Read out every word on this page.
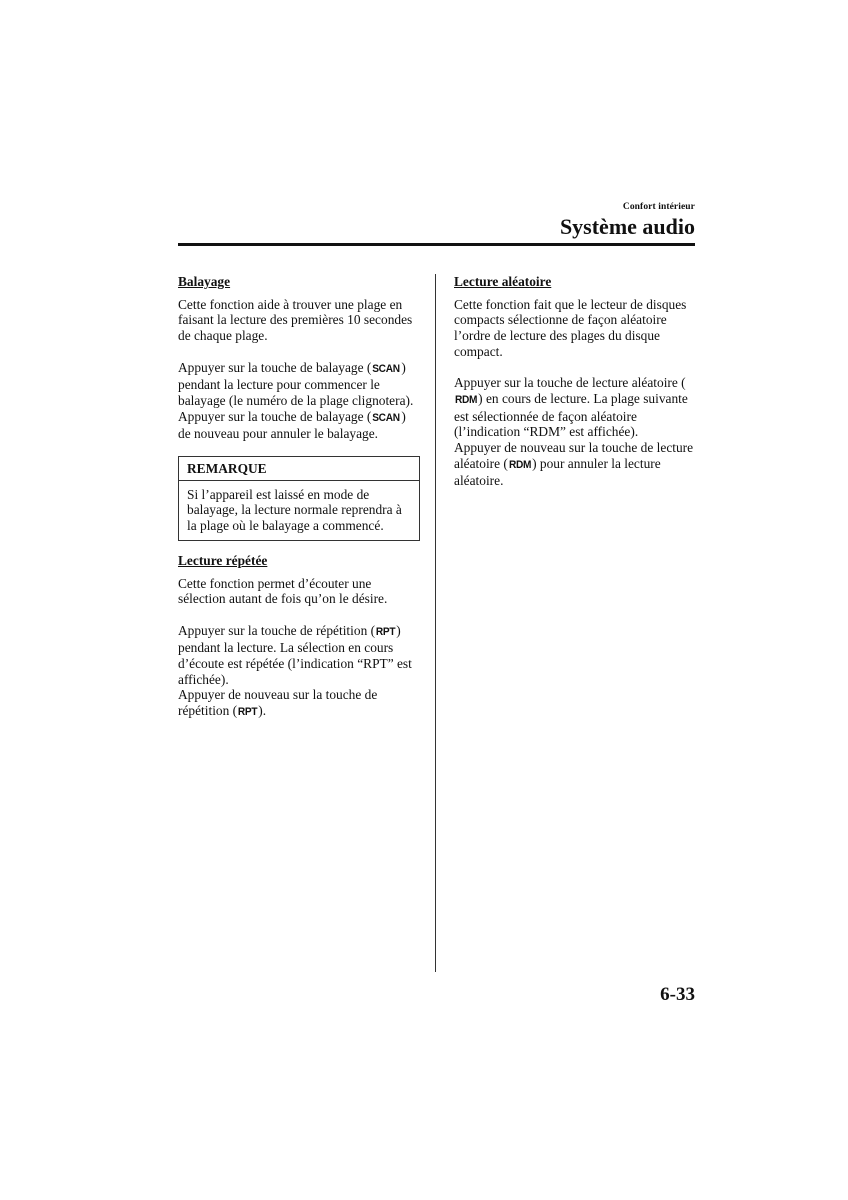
Confort intérieur
Système audio

Balayage

Cette fonction aide à trouver une plage en faisant la lecture des premières 10 secondes de chaque plage.

Appuyer sur la touche de balayage (SCAN) pendant la lecture pour commencer le balayage (le numéro de la plage clignotera).

Appuyer sur la touche de balayage (SCAN) de nouveau pour annuler le balayage.

REMARQUE
Si l’appareil est laissé en mode de balayage, la lecture normale reprendra à la plage où le balayage a commencé.

Lecture répétée

Cette fonction permet d’écouter une sélection autant de fois qu’on le désire.

Appuyer sur la touche de répétition (RPT) pendant la lecture. La sélection en cours d’écoute est répétée (l’indication “RPT” est affichée).

Appuyer de nouveau sur la touche de répétition (RPT).

Lecture aléatoire

Cette fonction fait que le lecteur de disques compacts sélectionne de façon aléatoire l’ordre de lecture des plages du disque compact.

Appuyer sur la touche de lecture aléatoire (RDM) en cours de lecture. La plage suivante est sélectionnée de façon aléatoire (l’indication “RDM” est affichée).

Appuyer de nouveau sur la touche de lecture aléatoire (RDM) pour annuler la lecture aléatoire.

6-33
